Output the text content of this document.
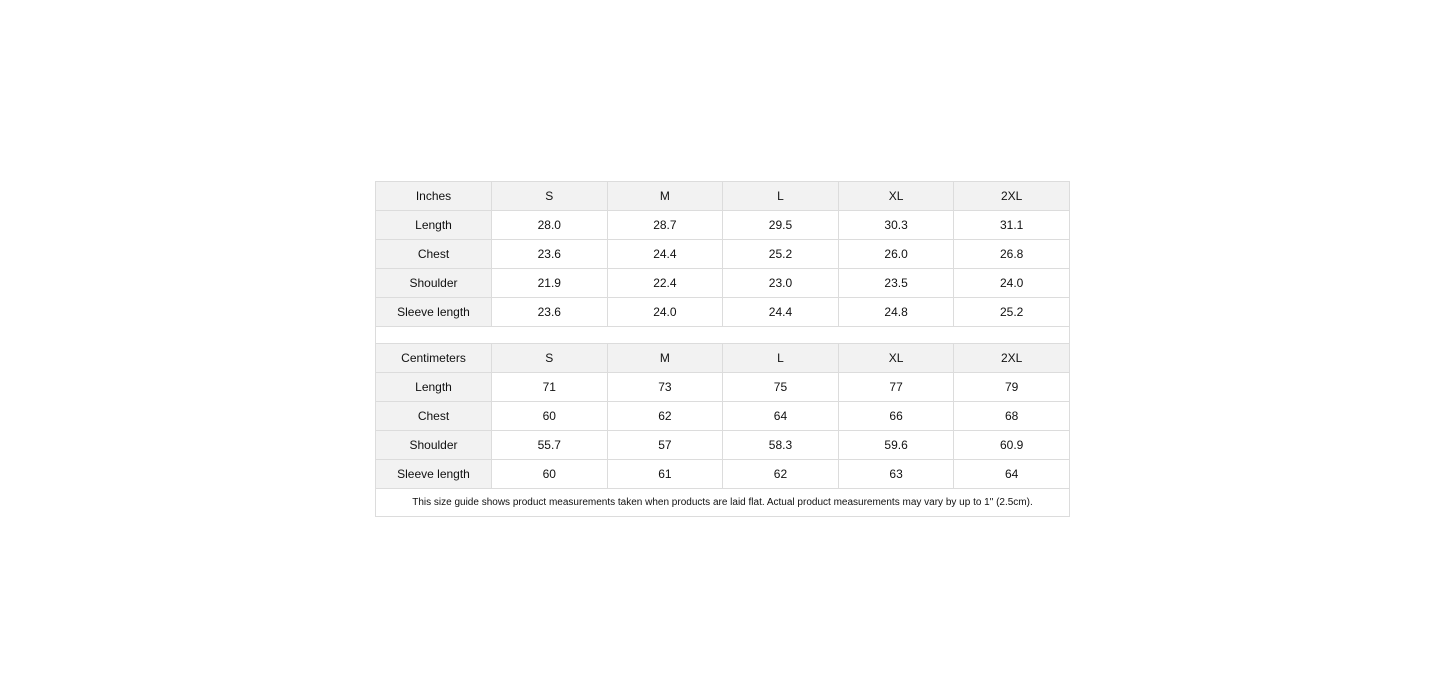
Inches	S	M	L	XL	2XL
Length	28.0	28.7	29.5	30.3	31.1
Chest	23.6	24.4	25.2	26.0	26.8
Shoulder	21.9	22.4	23.0	23.5	24.0
Sleeve length	23.6	24.0	24.4	24.8	25.2

Centimeters	S	M	L	XL	2XL
Length	71	73	75	77	79
Chest	60	62	64	66	68
Shoulder	55.7	57	58.3	59.6	60.9
Sleeve length	60	61	62	63	64
This size guide shows product measurements taken when products are laid flat. Actual product measurements may vary by up to 1" (2.5cm).					
